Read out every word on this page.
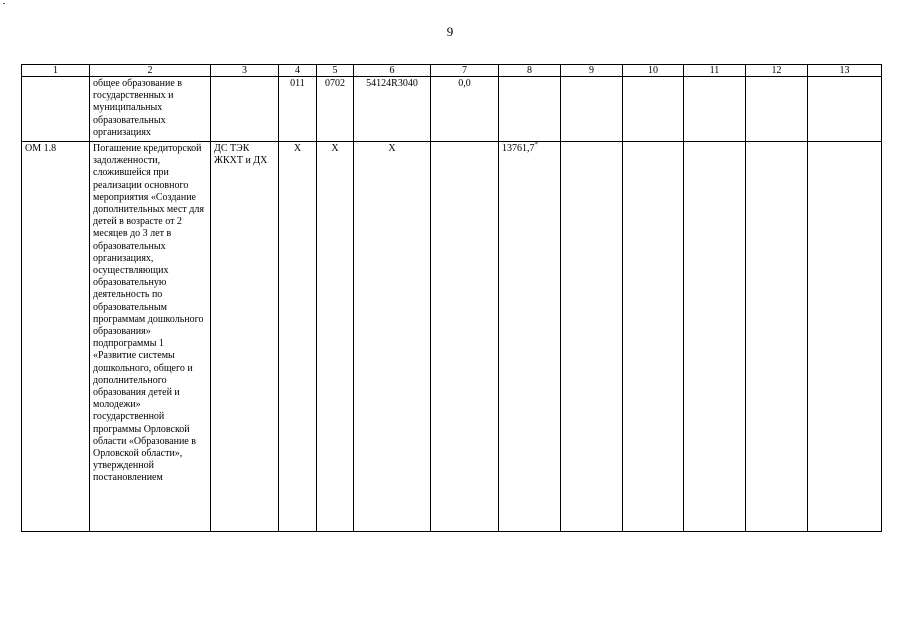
9
1	2	3	4	5	6	7	8	9	10	11	12	13
	общее образование в государственных и муниципальных образовательных организациях		011	0702	54124R3040	0,0						
ОМ 1.8	Погашение кредиторской задолженности, сложившейся при реализации основного мероприятия «Создание дополнительных мест для детей в возрасте от 2 месяцев до 3 лет в образовательных организациях, осуществляющих образовательную деятельность по образовательным программам дошкольного образования» подпрограммы 1 «Развитие системы дошкольного, общего и дополнительного образования детей и молодежи» государственной программы Орловской области «Образование в Орловской области», утвержденной постановлением	ДС ТЭК ЖКХТ и ДХ	Х	Х	Х		13761,7*					
